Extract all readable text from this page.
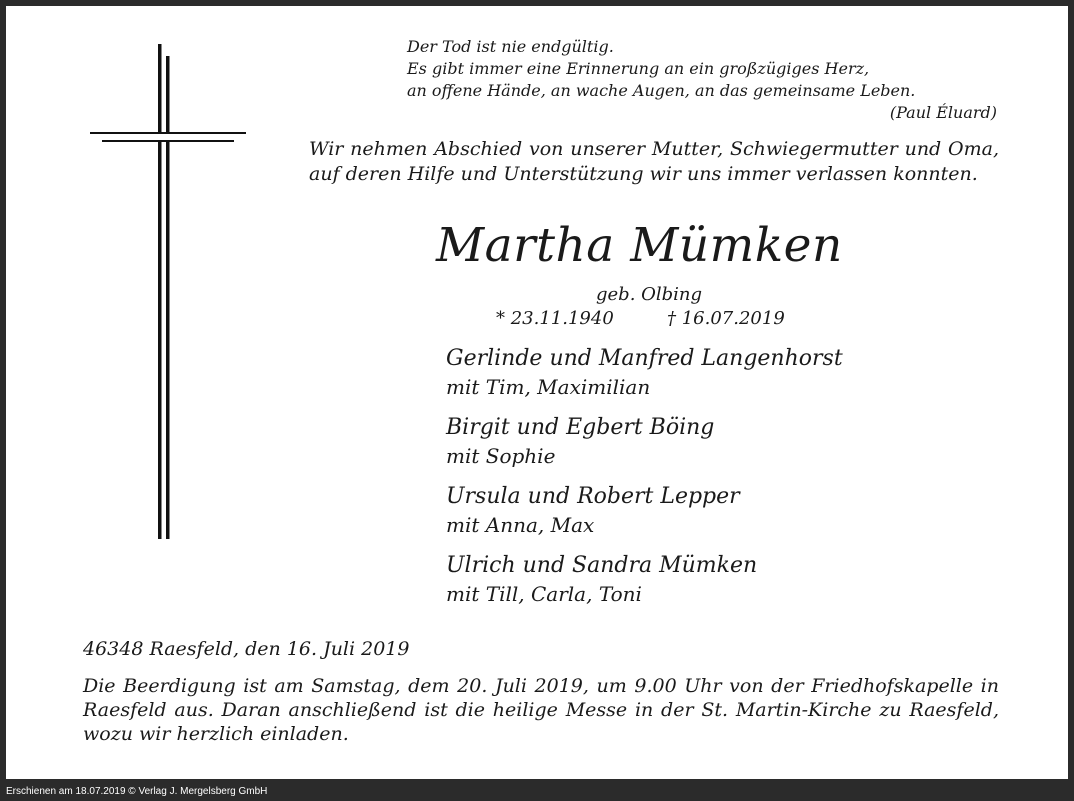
Der Tod ist nie endgültig.
Es gibt immer eine Erinnerung an ein großzügiges Herz,
an offene Hände, an wache Augen, an das gemeinsame Leben.
(Paul Éluard)

Wir nehmen Abschied von unserer Mutter, Schwiegermutter und Oma, auf deren Hilfe und Unterstützung wir uns immer verlassen konnten.

Martha Mümken
geb. Olbing
* 23.11.1940	† 16.07.2019
Gerlinde und Manfred Langenhorst
mit Tim, Maximilian
Birgit und Egbert Böing
mit Sophie
Ursula und Robert Lepper
mit Anna, Max
Ulrich und Sandra Mümken
mit Till, Carla, Toni
46348 Raesfeld, den 16. Juli 2019

Die Beerdigung ist am Samstag, dem 20. Juli 2019, um 9.00 Uhr von der Friedhofskapelle in Raesfeld aus. Daran anschließend ist die heilige Messe in der St. Martin-Kirche zu Raesfeld, wozu wir herzlich einladen.

Erschienen am 18.07.2019 © Verlag J. Mergelsberg GmbH
